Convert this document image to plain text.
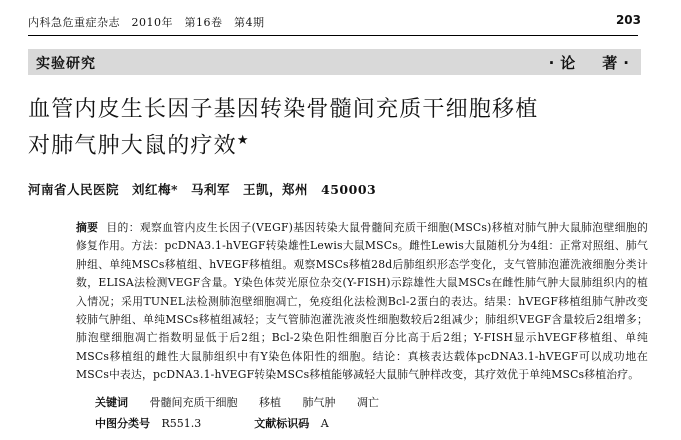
内科急危重症杂志　2010年　第16卷　第4期	203
实验研究	·论　著·
血管内皮生长因子基因转染骨髓间充质干细胞移植
对肺气肿大鼠的疗效★
河南省人民医院　刘红梅*　马利军　王凯，郑州　450003
摘要 目的：观察血管内皮生长因子(VEGF)基因转染大鼠骨髓间充质干细胞(MSCs)移植对肺气肿大鼠肺泡壁细胞的修复作用。方法：pcDNA3.1-hVEGF转染雄性Lewis大鼠MSCs。雌性Lewis大鼠随机分为4组：正常对照组、肺气肿组、单纯MSCs移植组、hVEGF移植组。观察MSCs移植28d后肺组织形态学变化，支气管肺泡灌洗液细胞分类计数，ELISA法检测VEGF含量。Y染色体荧光原位杂交(Y-FISH)示踪雄性大鼠MSCs在雌性肺气肿大鼠肺组织内的植入情况；采用TUNEL法检测肺泡壁细胞凋亡，免疫组化法检测Bcl-2蛋白的表达。结果：hVEGF移植组肺气肿改变较肺气肿组、单纯MSCs移植组减轻；支气管肺泡灌洗液炎性细胞数较后2组减少；肺组织VEGF含量较后2组增多；肺泡壁细胞凋亡指数明显低于后2组；Bcl-2染色阳性细胞百分比高于后2组；Y-FISH显示hVEGF移植组、单纯MSCs移植组的雌性大鼠肺组织中有Y染色体阳性的细胞。结论：真核表达载体pcDNA3.1-hVEGF可以成功地在MSCs中表达，pcDNA3.1-hVEGF转染MSCs移植能够减轻大鼠肺气肿样改变，其疗效优于单纯MSCs移植治疗。
关键词 骨髓间充质干细胞 移植 肺气肿 凋亡
中图分类号 R551.3	文献标识码 A
